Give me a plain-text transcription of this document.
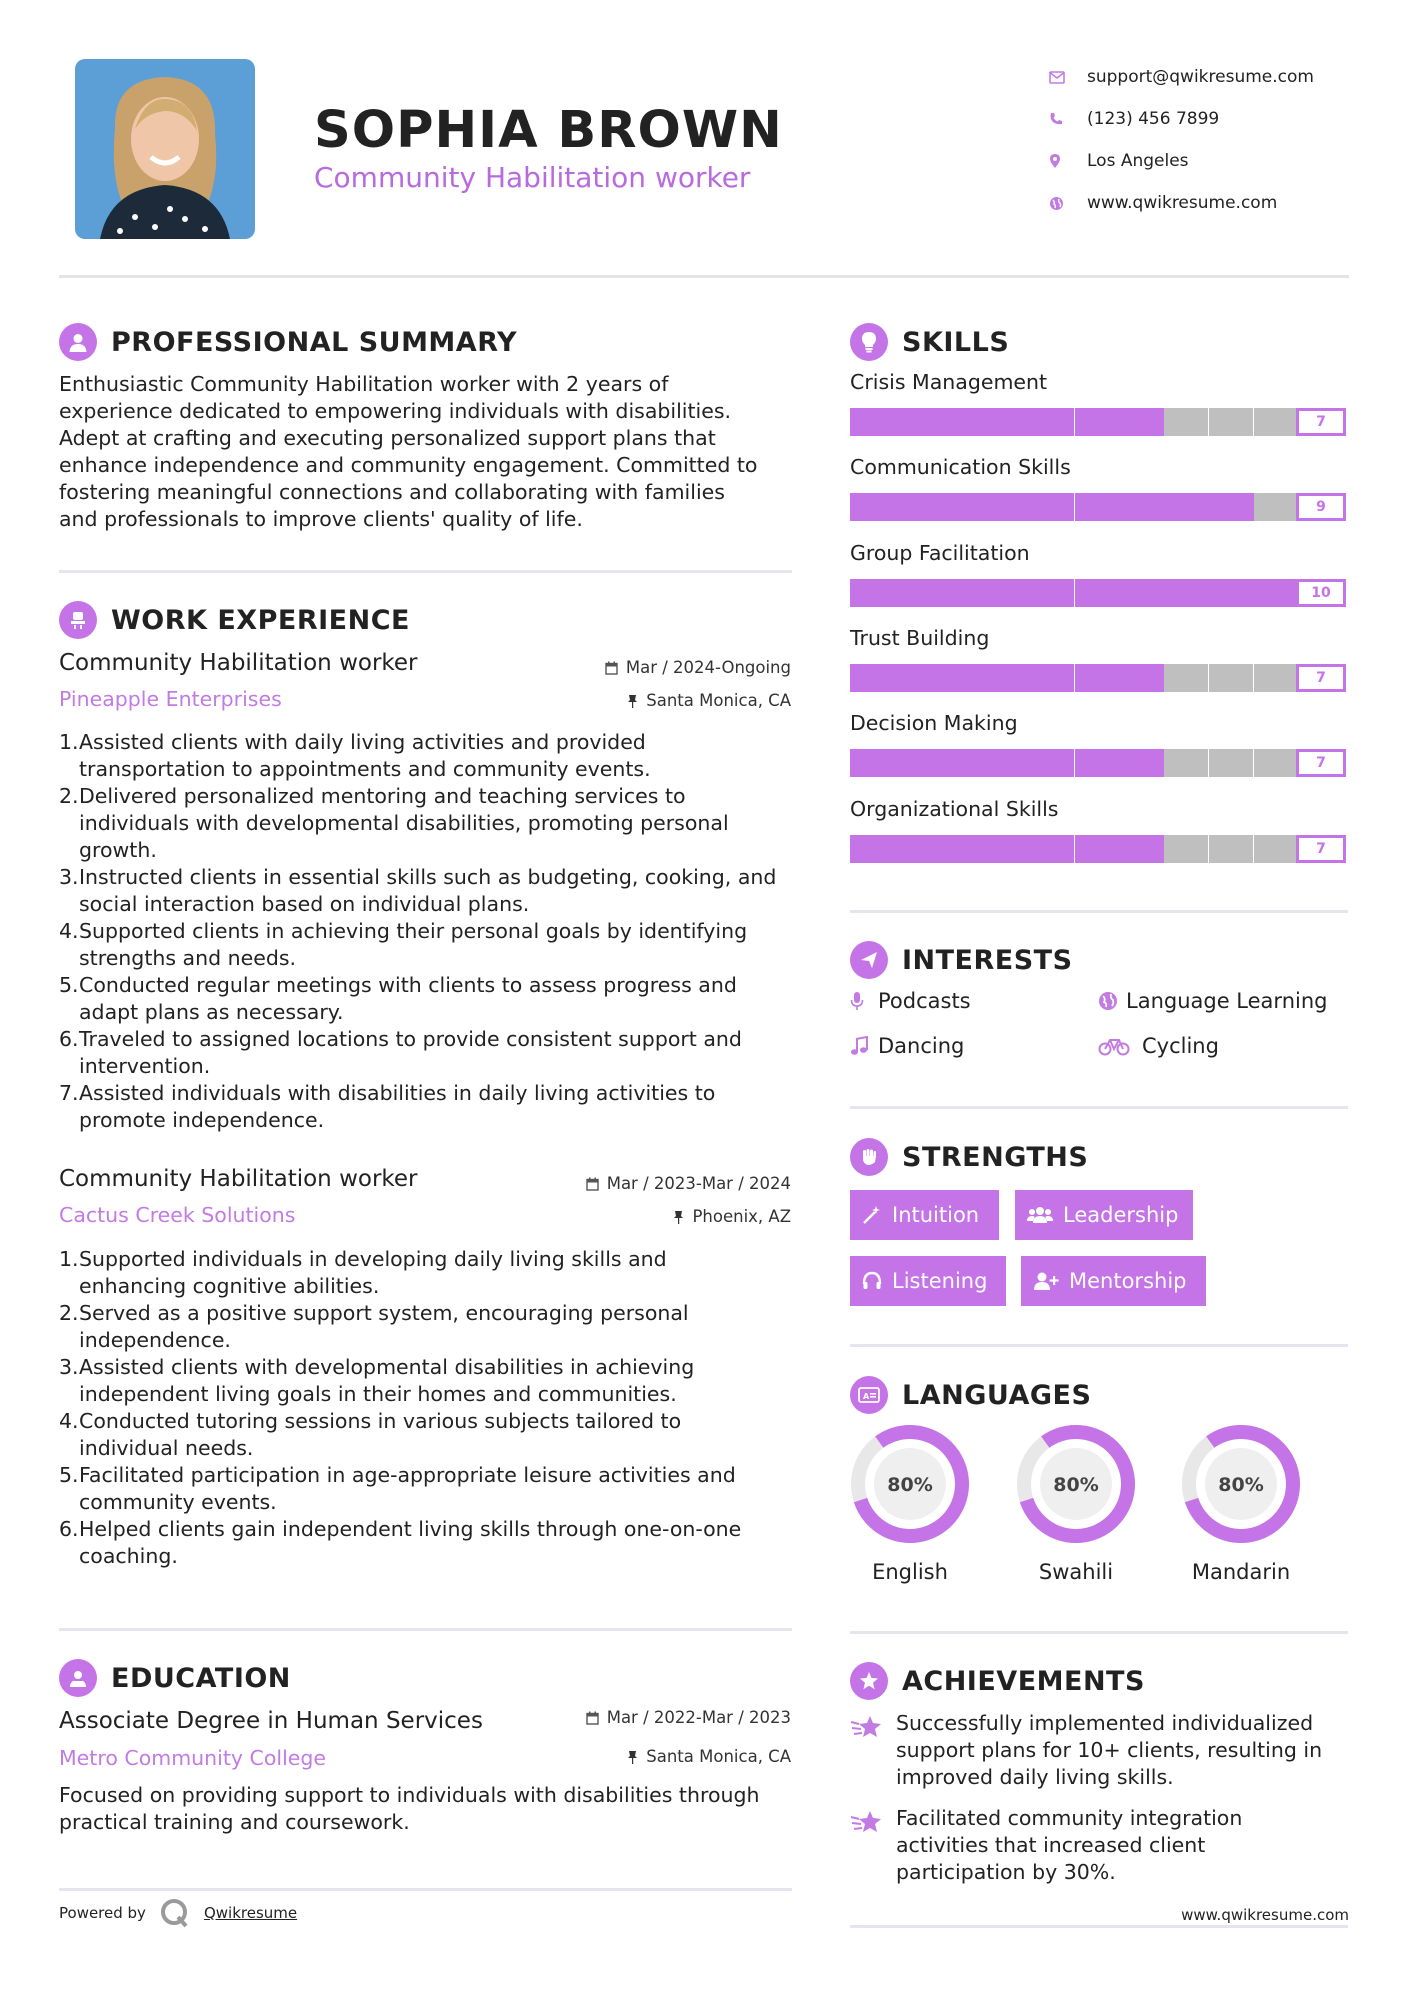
SOPHIA BROWN
Community Habilitation worker
support@qwikresume.com
(123) 456 7899
Los Angeles
www.qwikresume.com
PROFESSIONAL SUMMARY
Enthusiastic Community Habilitation worker with 2 years of
experience dedicated to empowering individuals with disabilities.
Adept at crafting and executing personalized support plans that
enhance independence and community engagement. Committed to
fostering meaningful connections and collaborating with families
and professionals to improve clients' quality of life.
WORK EXPERIENCE
Community Habilitation worker
Pineapple Enterprises
Mar / 2024-Ongoing
Santa Monica, CA
1. Assisted clients with daily living activities and provided
transportation to appointments and community events.
2. Delivered personalized mentoring and teaching services to
individuals with developmental disabilities, promoting personal
growth.
3. Instructed clients in essential skills such as budgeting, cooking, and
social interaction based on individual plans.
4. Supported clients in achieving their personal goals by identifying
strengths and needs.
5. Conducted regular meetings with clients to assess progress and
adapt plans as necessary.
6. Traveled to assigned locations to provide consistent support and
intervention.
7. Assisted individuals with disabilities in daily living activities to
promote independence.
Community Habilitation worker
Cactus Creek Solutions
Mar / 2023-Mar / 2024
Phoenix, AZ
1. Supported individuals in developing daily living skills and
enhancing cognitive abilities.
2. Served as a positive support system, encouraging personal
independence.
3. Assisted clients with developmental disabilities in achieving
independent living goals in their homes and communities.
4. Conducted tutoring sessions in various subjects tailored to
individual needs.
5. Facilitated participation in age-appropriate leisure activities and
community events.
6. Helped clients gain independent living skills through one-on-one
coaching.
EDUCATION
Associate Degree in Human Services
Metro Community College
Mar / 2022-Mar / 2023
Santa Monica, CA
Focused on providing support to individuals with disabilities through
practical training and coursework.
Powered by	Qwikresume
SKILLS
Crisis Management
7
Communication Skills
9
Group Facilitation
10
Trust Building
7
Decision Making
7
Organizational Skills
7
INTERESTS
Podcasts	Language Learning
Dancing	Cycling
STRENGTHS
Intuition	Leadership
Listening	Mentorship
A LANGUAGES
80%
English
80%
Swahili
80%
Mandarin
ACHIEVEMENTS
Successfully implemented individualized
support plans for 10+ clients, resulting in
improved daily living skills.
Facilitated community integration
activities that increased client
participation by 30%.
www.qwikresume.com
